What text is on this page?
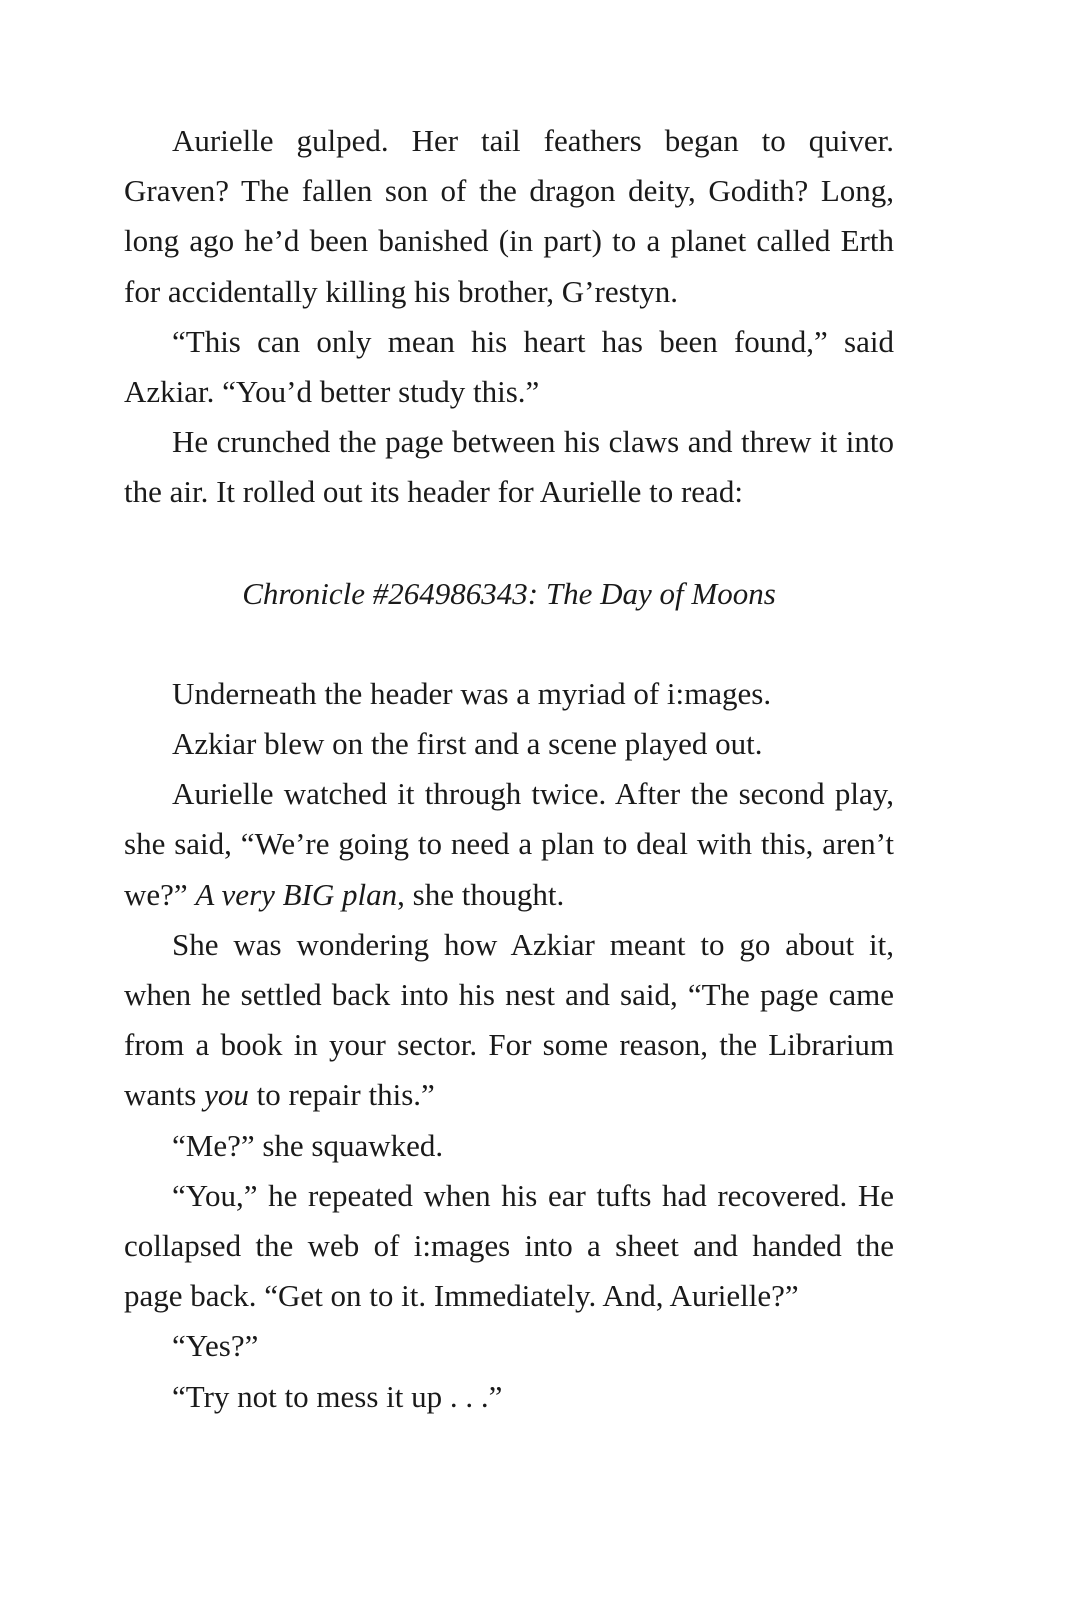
Aurielle gulped. Her tail feathers began to quiver. Graven? The fallen son of the dragon deity, Godith? Long, long ago he’d been banished (in part) to a planet called Erth for accidentally killing his brother, G’restyn.

“This can only mean his heart has been found,” said Azkiar. “You’d better study this.”

He crunched the page between his claws and threw it into the air. It rolled out its header for Aurielle to read:

Chronicle #264986343: The Day of Moons

Underneath the header was a myriad of i:mages.

Azkiar blew on the first and a scene played out.

Aurielle watched it through twice. After the second play, she said, “We’re going to need a plan to deal with this, aren’t we?” A very BIG plan, she thought.

She was wondering how Azkiar meant to go about it, when he settled back into his nest and said, “The page came from a book in your sector. For some reason, the Librarium wants you to repair this.”

“Me?” she squawked.

“You,” he repeated when his ear tufts had recovered. He collapsed the web of i:mages into a sheet and handed the page back. “Get on to it. Immediately. And, Aurielle?”

“Yes?”

“Try not to mess it up . . .”
